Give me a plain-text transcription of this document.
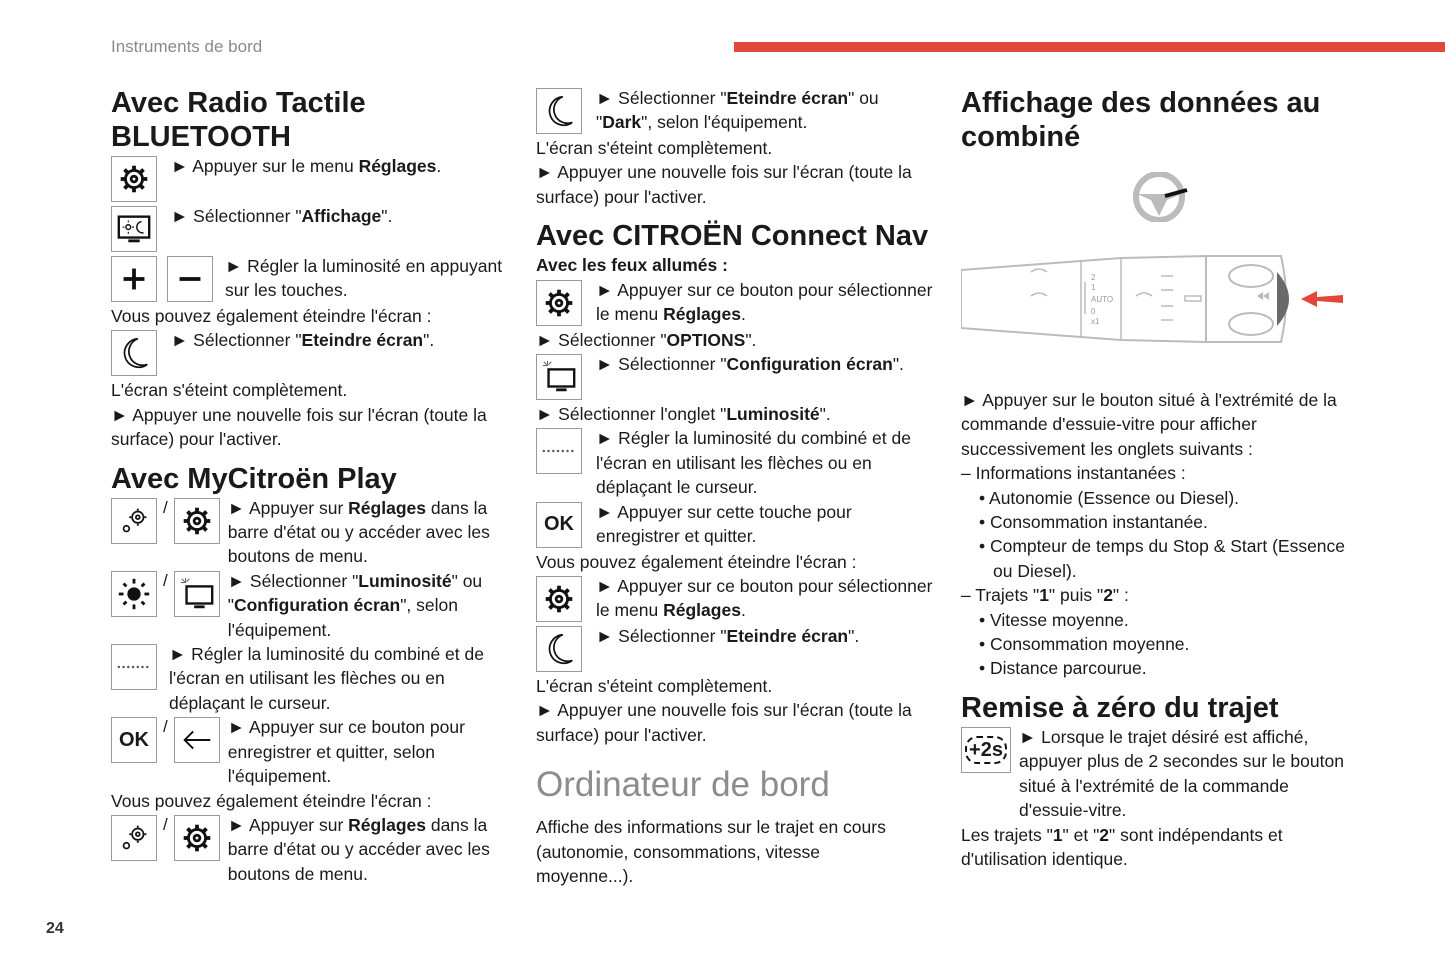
Instruments de bord
24
Avec Radio Tactile BLUETOOTH

► Appuyer sur le menu Réglages.

► Sélectionner "Affichage".

► Régler la luminosité en appuyant sur les touches.

Vous pouvez également éteindre l'écran :

► Sélectionner "Eteindre écran".

L'écran s'éteint complètement.

► Appuyer une nouvelle fois sur l'écran (toute la surface) pour l'activer.

Avec MyCitroën Play
/	► Appuyer sur Réglages dans la barre d'état ou y accéder avec les boutons de menu.

/	► Sélectionner "Luminosité" ou "Configuration écran", selon l'équipement.

► Régler la luminosité du combiné et de l'écran en utilisant les flèches ou en déplaçant le curseur.

OK
/	► Appuyer sur ce bouton pour enregistrer et quitter, selon l'équipement.

Vous pouvez également éteindre l'écran :

/	► Appuyer sur Réglages dans la barre d'état ou y accéder avec les boutons de menu.

► Sélectionner "Eteindre écran" ou "Dark", selon l'équipement.

L'écran s'éteint complètement.

► Appuyer une nouvelle fois sur l'écran (toute la surface) pour l'activer.

Avec CITROËN Connect Nav

Avec les feux allumés :

► Appuyer sur ce bouton pour sélectionner le menu Réglages.

► Sélectionner "OPTIONS".

► Sélectionner "Configuration écran".

► Sélectionner l'onglet "Luminosité".

► Régler la luminosité du combiné et de l'écran en utilisant les flèches ou en déplaçant le curseur.

OK

► Appuyer sur cette touche pour enregistrer et quitter.

Vous pouvez également éteindre l'écran :

► Appuyer sur ce bouton pour sélectionner le menu Réglages.

► Sélectionner "Eteindre écran".

L'écran s'éteint complètement.

► Appuyer une nouvelle fois sur l'écran (toute la surface) pour l'activer.

Ordinateur de bord

Affiche des informations sur le trajet en cours (autonomie, consommations, vitesse moyenne...).

Affichage des données au combiné
2
1
AUTO
0
x1

► Appuyer sur le bouton situé à l'extrémité de la commande d'essuie-vitre pour afficher successivement les onglets suivants :

– Informations instantanées :

• Autonomie (Essence ou Diesel).

• Consommation instantanée.

• Compteur de temps du Stop & Start (Essence ou Diesel).

– Trajets "1" puis "2" :

• Vitesse moyenne.

• Consommation moyenne.

• Distance parcourue.

Remise à zéro du trajet
+2s

► Lorsque le trajet désiré est affiché, appuyer plus de 2 secondes sur le bouton situé à l'extrémité de la commande d'essuie-vitre.

Les trajets "1" et "2" sont indépendants et d'utilisation identique.
